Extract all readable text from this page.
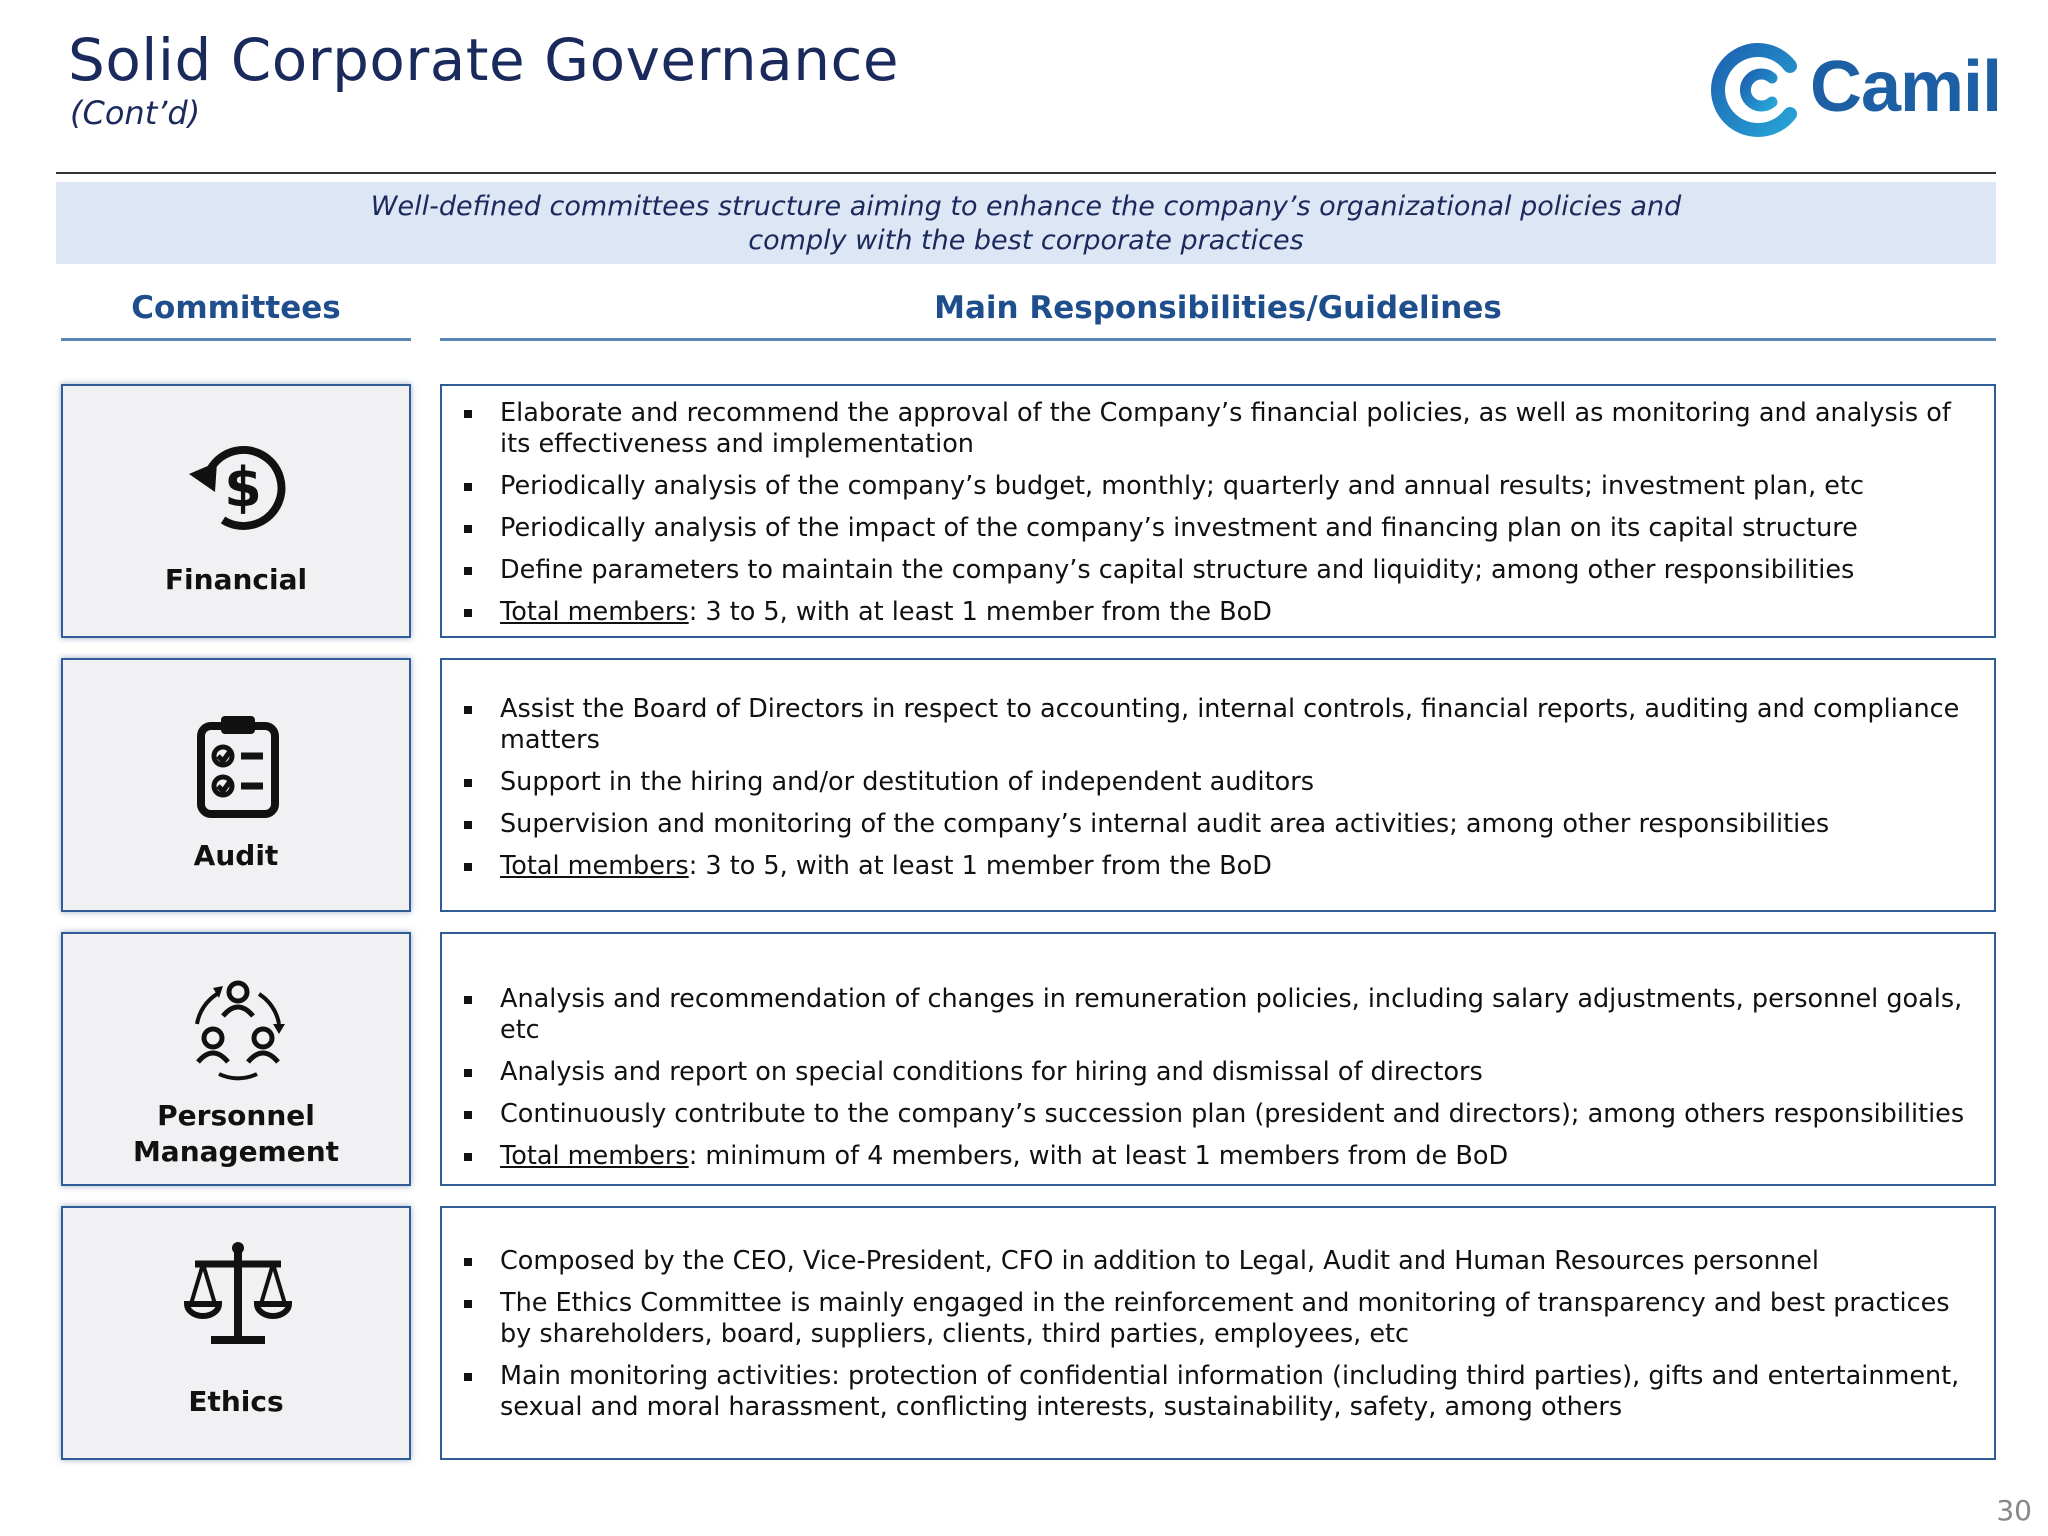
Solid Corporate Governance
(Cont’d)	Camil
Well-defined committees structure aiming to enhance the company’s organizational policies and
comply with the best corporate practices
Committees	Main Responsibilities/Guidelines
$
Financial
Elaborate and recommend the approval of the Company’s financial policies, as well as monitoring and analysis of its effectiveness and implementation
Periodically analysis of the company’s budget, monthly; quarterly and annual results; investment plan, etc
Periodically analysis of the impact of the company’s investment and financing plan on its capital structure
Define parameters to maintain the company’s capital structure and liquidity; among other responsibilities
Total members: 3 to 5, with at least 1 member from the BoD
Audit
Assist the Board of Directors in respect to accounting, internal controls, financial reports, auditing and compliance matters
Support in the hiring and/or destitution of independent auditors
Supervision and monitoring of the company’s internal audit area activities; among other responsibilities
Total members: 3 to 5, with at least 1 member from the BoD
Personnel
Management
Analysis and recommendation of changes in remuneration policies, including salary adjustments, personnel goals, etc
Analysis and report on special conditions for hiring and dismissal of directors
Continuously contribute to the company’s succession plan (president and directors); among others responsibilities
Total members: minimum of 4 members, with at least 1 members from de BoD
Ethics
Composed by the CEO, Vice-President, CFO in addition to Legal, Audit and Human Resources personnel
The Ethics Committee is mainly engaged in the reinforcement and monitoring of transparency and best practices by shareholders, board, suppliers, clients, third parties, employees, etc
Main monitoring activities: protection of confidential information (including third parties), gifts and entertainment, sexual and moral harassment, conflicting interests, sustainability, safety, among others
30
